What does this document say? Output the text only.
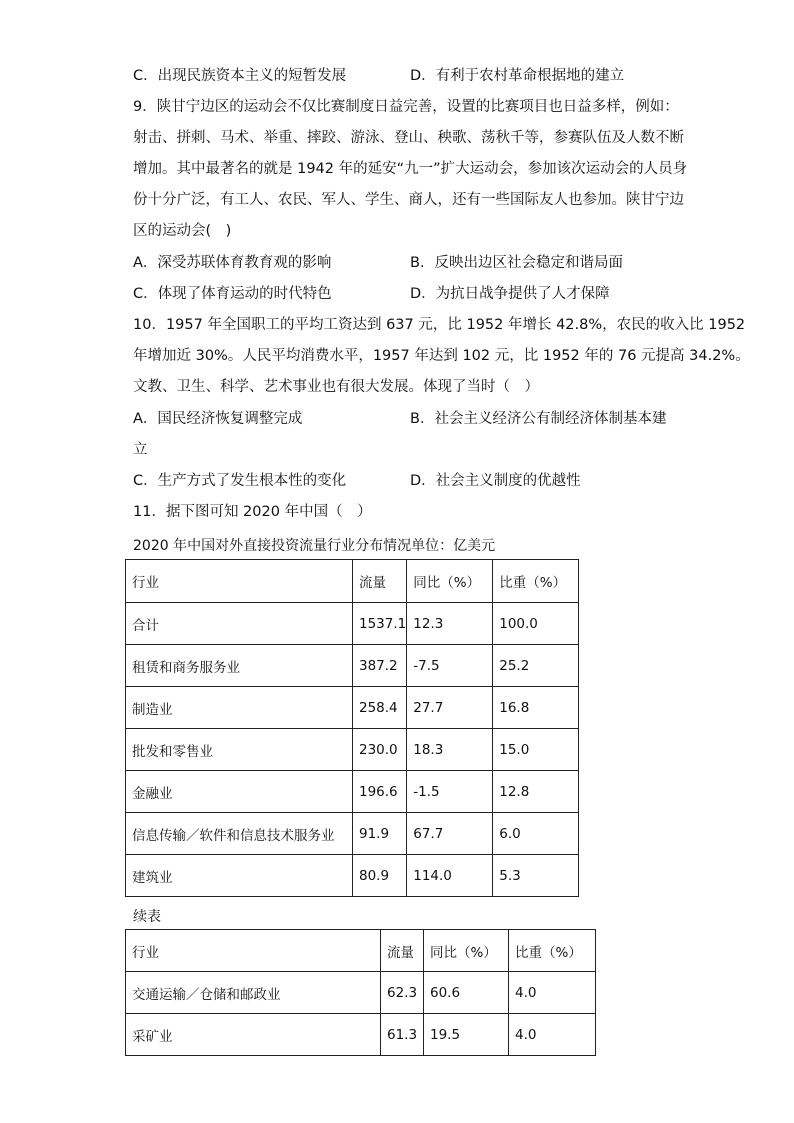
C．出现民族资本主义的短暂发展	D．有利于农村革命根据地的建立
9．陕甘宁边区的运动会不仅比赛制度日益完善，设置的比赛项目也日益多样，例如：
射击、拼刺、马术、举重、摔跤、游泳、登山、秧歌、荡秋千等，参赛队伍及人数不断
增加。其中最著名的就是 1942 年的延安“九一”扩大运动会，参加该次运动会的人员身
份十分广泛，有工人、农民、军人、学生、商人，还有一些国际友人也参加。陕甘宁边
区的运动会(　)
A．深受苏联体育教育观的影响	B．反映出边区社会稳定和谐局面
C．体现了体育运动的时代特色	D．为抗日战争提供了人才保障
10．1957 年全国职工的平均工资达到 637 元，比 1952 年增长 42.8%，农民的收入比 1952
年增加近 30%。人民平均消费水平，1957 年达到 102 元，比 1952 年的 76 元提高 34.2%。
文教、卫生、科学、艺术事业也有很大发展。体现了当时（　）
A．国民经济恢复调整完成	B．社会主义经济公有制经济体制基本建
立
C．生产方式了发生根本性的变化	D．社会主义制度的优越性
11．据下图可知 2020 年中国（　）
2020 年中国对外直接投资流量行业分布情况单位：亿美元
行业	流量	同比（%）	比重（%）
合计	1537.1	12.3	100.0
租赁和商务服务业	387.2	-7.5	25.2
制造业	258.4	27.7	16.8
批发和零售业	230.0	18.3	15.0
金融业	196.6	-1.5	12.8
信息传输／软件和信息技术服务业	91.9	67.7	6.0
建筑业	80.9	114.0	5.3
续表
行业	流量	同比（%）	比重（%）
交通运输／仓储和邮政业	62.3	60.6	4.0
采矿业	61.3	19.5	4.0
